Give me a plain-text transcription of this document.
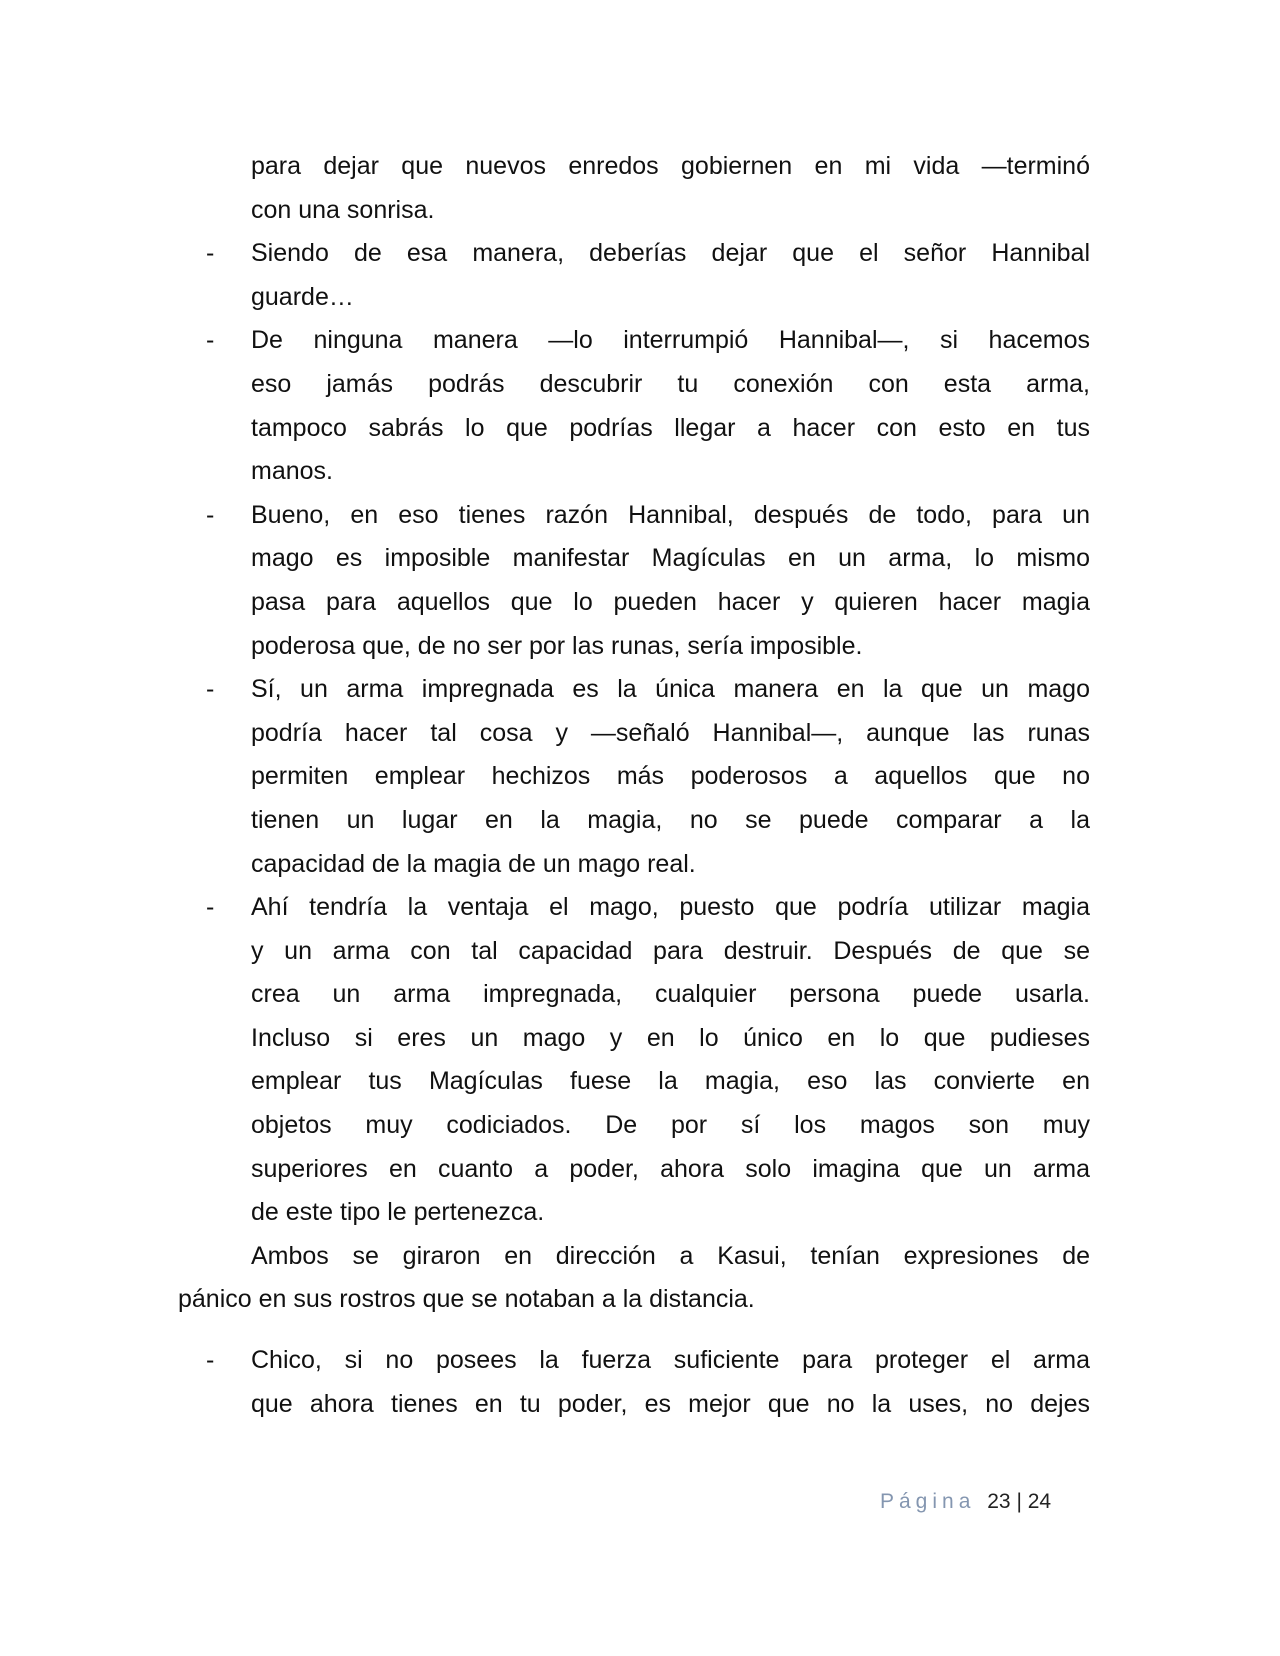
para dejar que nuevos enredos gobiernen en mi vida —terminó
con una sonrisa.
- Siendo de esa manera, deberías dejar que el señor Hannibal
guarde…
- De ninguna manera —lo interrumpió Hannibal—, si hacemos
eso jamás podrás descubrir tu conexión con esta arma,
tampoco sabrás lo que podrías llegar a hacer con esto en tus
manos.
- Bueno, en eso tienes razón Hannibal, después de todo, para un
mago es imposible manifestar Magículas en un arma, lo mismo
pasa para aquellos que lo pueden hacer y quieren hacer magia
poderosa que, de no ser por las runas, sería imposible.
- Sí, un arma impregnada es la única manera en la que un mago
podría hacer tal cosa y —señaló Hannibal—, aunque las runas
permiten emplear hechizos más poderosos a aquellos que no
tienen un lugar en la magia, no se puede comparar a la
capacidad de la magia de un mago real.
- Ahí tendría la ventaja el mago, puesto que podría utilizar magia
y un arma con tal capacidad para destruir. Después de que se
crea un arma impregnada, cualquier persona puede usarla.
Incluso si eres un mago y en lo único en lo que pudieses
emplear tus Magículas fuese la magia, eso las convierte en
objetos muy codiciados. De por sí los magos son muy
superiores en cuanto a poder, ahora solo imagina que un arma
de este tipo le pertenezca.
Ambos se giraron en dirección a Kasui, tenían expresiones de
pánico en sus rostros que se notaban a la distancia.
- Chico, si no posees la fuerza suficiente para proteger el arma
que ahora tienes en tu poder, es mejor que no la uses, no dejes
Página 23 | 24
